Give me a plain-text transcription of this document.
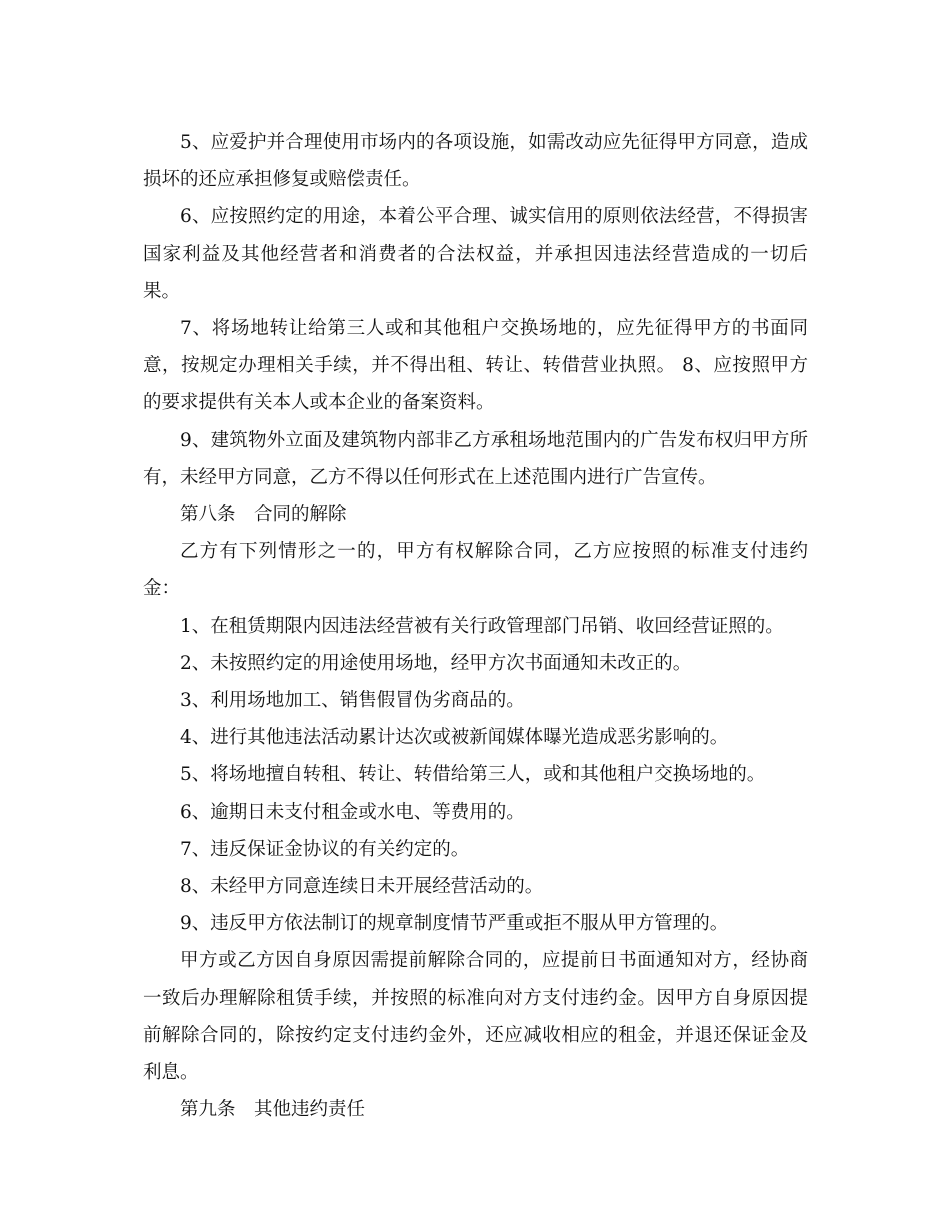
5、应爱护并合理使用市场内的各项设施，如需改动应先征得甲方同意，造成损坏的还应承担修复或赔偿责任。

6、应按照约定的用途，本着公平合理、诚实信用的原则依法经营，不得损害国家利益及其他经营者和消费者的合法权益，并承担因违法经营造成的一切后果。

7、将场地转让给第三人或和其他租户交换场地的，应先征得甲方的书面同意，按规定办理相关手续，并不得出租、转让、转借营业执照。 8、应按照甲方的要求提供有关本人或本企业的备案资料。

9、建筑物外立面及建筑物内部非乙方承租场地范围内的广告发布权归甲方所有，未经甲方同意，乙方不得以任何形式在上述范围内进行广告宣传。

第八条　合同的解除

乙方有下列情形之一的，甲方有权解除合同，乙方应按照的标准支付违约金：

1、在租赁期限内因违法经营被有关行政管理部门吊销、收回经营证照的。

2、未按照约定的用途使用场地，经甲方次书面通知未改正的。

3、利用场地加工、销售假冒伪劣商品的。

4、进行其他违法活动累计达次或被新闻媒体曝光造成恶劣影响的。

5、将场地擅自转租、转让、转借给第三人，或和其他租户交换场地的。

6、逾期日未支付租金或水电、等费用的。

7、违反保证金协议的有关约定的。

8、未经甲方同意连续日未开展经营活动的。

9、违反甲方依法制订的规章制度情节严重或拒不服从甲方管理的。

甲方或乙方因自身原因需提前解除合同的，应提前日书面通知对方，经协商一致后办理解除租赁手续，并按照的标准向对方支付违约金。因甲方自身原因提前解除合同的，除按约定支付违约金外，还应减收相应的租金，并退还保证金及利息。

第九条　其他违约责任
